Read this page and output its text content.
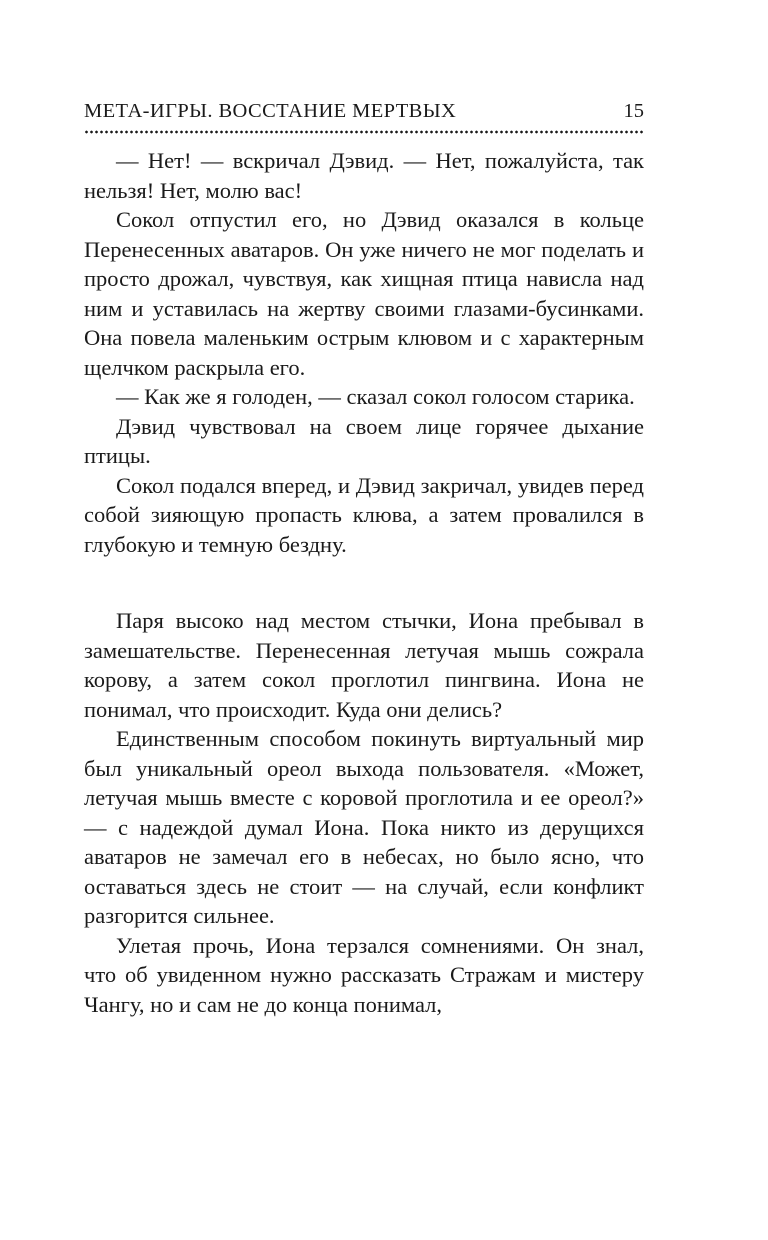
МЕТА-ИГРЫ. ВОССТАНИЕ МЕРТВЫХ	15

— Нет! — вскричал Дэвид. — Нет, пожалуйста, так нельзя! Нет, молю вас!

Сокол отпустил его, но Дэвид оказался в кольце Перенесенных аватаров. Он уже ничего не мог поделать и просто дрожал, чувствуя, как хищная птица нависла над ним и уставилась на жертву своими глазами-бусинками. Она повела маленьким острым клювом и с характерным щелчком раскрыла его.

— Как же я голоден, — сказал сокол голосом старика.

Дэвид чувствовал на своем лице горячее дыхание птицы.

Сокол подался вперед, и Дэвид закричал, увидев перед собой зияющую пропасть клюва, а затем провалился в глубокую и темную бездну.

Паря высоко над местом стычки, Иона пребывал в замешательстве. Перенесенная летучая мышь сожрала корову, а затем сокол проглотил пингвина. Иона не понимал, что происходит. Куда они делись?

Единственным способом покинуть виртуальный мир был уникальный ореол выхода пользователя. «Может, летучая мышь вместе с коровой проглотила и ее ореол?» — с надеждой думал Иона. Пока никто из дерущихся аватаров не замечал его в небесах, но было ясно, что оставаться здесь не стоит — на случай, если конфликт разгорится сильнее.

Улетая прочь, Иона терзался сомнениями. Он знал, что об увиденном нужно рассказать Стражам и мистеру Чангу, но и сам не до конца понимал,
